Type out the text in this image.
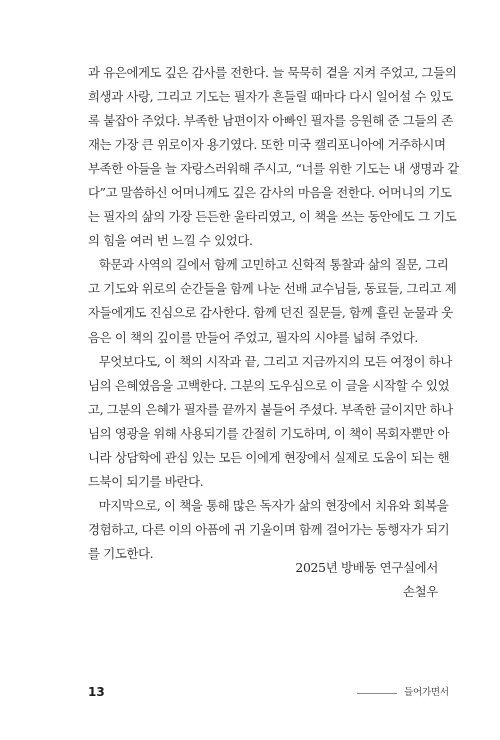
과 유은에게도 깊은 감사를 전한다. 늘 묵묵히 곁을 지켜 주었고, 그들의
희생과 사랑, 그리고 기도는 필자가 흔들릴 때마다 다시 일어설 수 있도
록 붙잡아 주었다. 부족한 남편이자 아빠인 필자를 응원해 준 그들의 존
재는 가장 큰 위로이자 용기였다. 또한 미국 캘리포니아에 거주하시며
부족한 아들을 늘 자랑스러워해 주시고, “너를 위한 기도는 내 생명과 같
다”고 말씀하신 어머니께도 깊은 감사의 마음을 전한다. 어머니의 기도
는 필자의 삶의 가장 든든한 울타리였고, 이 책을 쓰는 동안에도 그 기도
의 힘을 여러 번 느낄 수 있었다.
학문과 사역의 길에서 함께 고민하고 신학적 통찰과 삶의 질문, 그리
고 기도와 위로의 순간들을 함께 나눈 선배 교수님들, 동료들, 그리고 제
자들에게도 진심으로 감사한다. 함께 던진 질문들, 함께 흘린 눈물과 웃
음은 이 책의 깊이를 만들어 주었고, 필자의 시야를 넓혀 주었다.
무엇보다도, 이 책의 시작과 끝, 그리고 지금까지의 모든 여정이 하나
님의 은혜였음을 고백한다. 그분의 도우심으로 이 글을 시작할 수 있었
고, 그분의 은혜가 필자를 끝까지 붙들어 주셨다. 부족한 글이지만 하나
님의 영광을 위해 사용되기를 간절히 기도하며, 이 책이 목회자뿐만 아
니라 상담학에 관심 있는 모든 이에게 현장에서 실제로 도움이 되는 핸
드북이 되기를 바란다.
마지막으로, 이 책을 통해 많은 독자가 삶의 현장에서 치유와 회복을
경험하고, 다른 이의 아픔에 귀 기울이며 함께 걸어가는 동행자가 되기
를 기도한다.
2025년 방배동 연구실에서
손철우
13	들어가면서
